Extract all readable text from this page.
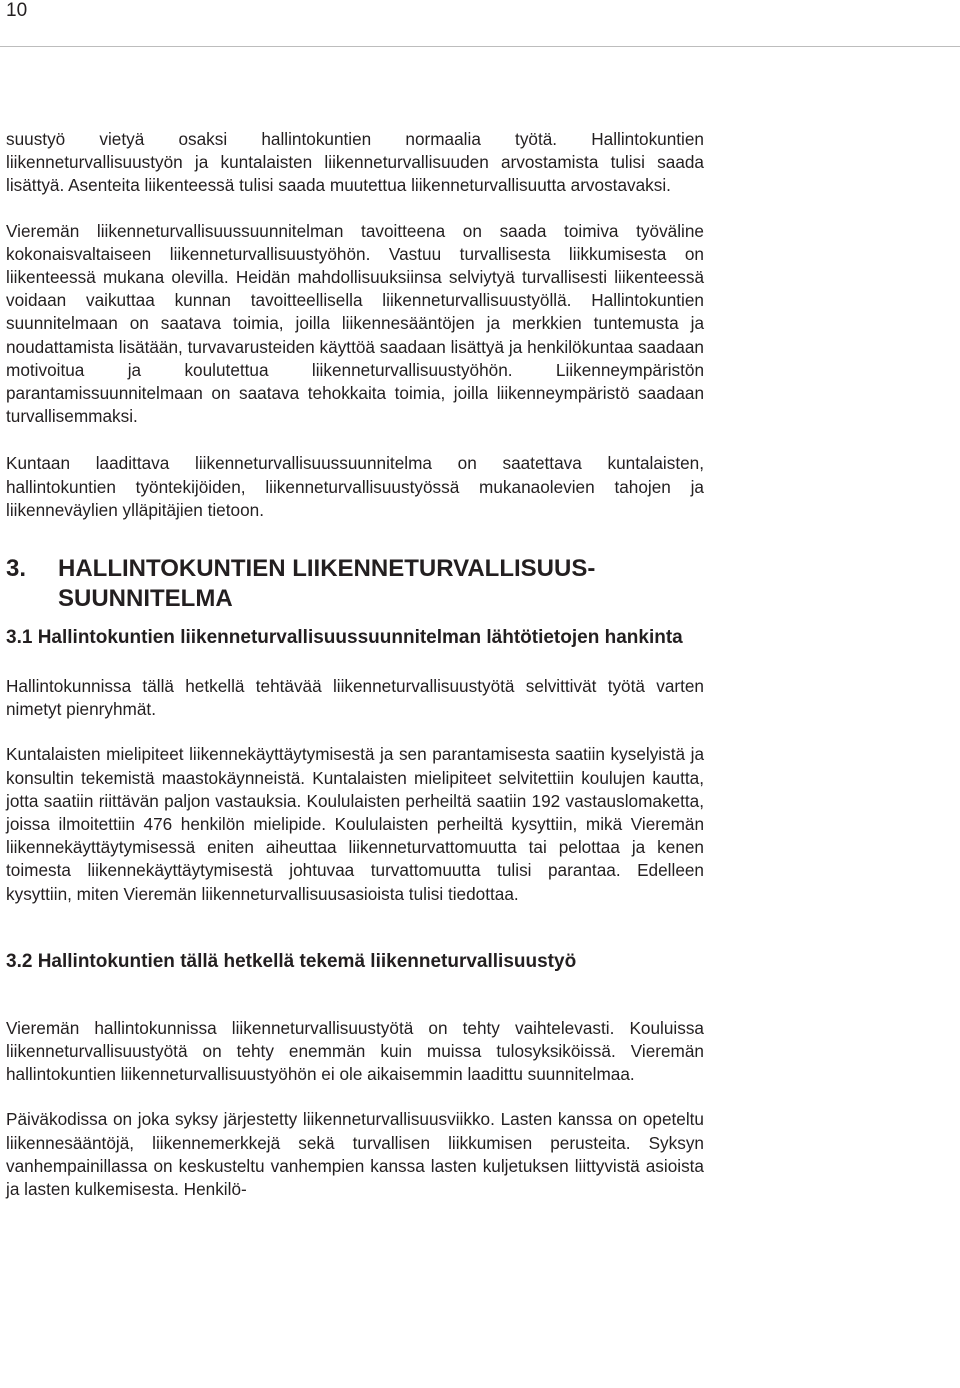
10

suustyö vietyä osaksi hallintokuntien normaalia työtä. Hallintokuntien liikenneturvallisuustyön ja kuntalaisten liikenneturvallisuuden arvostamista tulisi saada lisättyä. Asenteita liikenteessä tulisi saada muutettua liikenneturvallisuutta arvostavaksi.

Vieremän liikenneturvallisuussuunnitelman tavoitteena on saada toimiva työväline kokonaisvaltaiseen liikenneturvallisuustyöhön. Vastuu turvallisesta liikkumisesta on liikenteessä mukana olevilla. Heidän mahdollisuuksiinsa selviytyä turvallisesti liikenteessä voidaan vaikuttaa kunnan tavoitteellisella liikenneturvallisuustyöllä. Hallintokuntien suunnitelmaan on saatava toimia, joilla liikennesääntöjen ja merkkien tuntemusta ja noudattamista lisätään, turvavarusteiden käyttöä saadaan lisättyä ja henkilökuntaa saadaan motivoitua ja koulutettua liikenneturvallisuustyöhön. Liikenneympäristön parantamissuunnitelmaan on saatava tehokkaita toimia, joilla liikenneympäristö saadaan turvallisemmaksi.

Kuntaan laadittava liikenneturvallisuussuunnitelma on saatettava kuntalaisten, hallintokuntien työntekijöiden, liikenneturvallisuustyössä mukanaolevien tahojen ja liikenneväylien ylläpitäjien tietoon.

3.	HALLINTOKUNTIEN LIIKENNETURVALLISUUS-SUUNNITELMA
3.1 Hallintokuntien liikenneturvallisuussuunnitelman lähtötietojen hankinta

Hallintokunnissa tällä hetkellä tehtävää liikenneturvallisuustyötä selvittivät työtä varten nimetyt pienryhmät.

Kuntalaisten mielipiteet liikennekäyttäytymisestä ja sen parantamisesta saatiin kyselyistä ja konsultin tekemistä maastokäynneistä. Kuntalaisten mielipiteet selvitettiin koulujen kautta, jotta saatiin riittävän paljon vastauksia. Koululaisten perheiltä saatiin 192 vastauslomaketta, joissa ilmoitettiin 476 henkilön mielipide. Koululaisten perheiltä kysyttiin, mikä Vieremän liikennekäyttäytymisessä eniten aiheuttaa liikenneturvattomuutta tai pelottaa ja kenen toimesta liikennekäyttäytymisestä johtuvaa turvattomuutta tulisi parantaa. Edelleen kysyttiin, miten Vieremän liikenneturvallisuusasioista tulisi tiedottaa.

3.2 Hallintokuntien tällä hetkellä tekemä liikenneturvallisuustyö

Vieremän hallintokunnissa liikenneturvallisuustyötä on tehty vaihtelevasti. Kouluissa liikenneturvallisuustyötä on tehty enemmän kuin muissa tulosyksiköissä. Vieremän hallintokuntien liikenneturvallisuustyöhön ei ole aikaisemmin laadittu suunnitelmaa.

Päiväkodissa on joka syksy järjestetty liikenneturvallisuusviikko. Lasten kanssa on opeteltu liikennesääntöjä, liikennemerkkejä sekä turvallisen liikkumisen perusteita. Syksyn vanhempainillassa on keskusteltu vanhempien kanssa lasten kuljetuksen liittyvistä asioista ja lasten kulkemisesta. Henkilö-
